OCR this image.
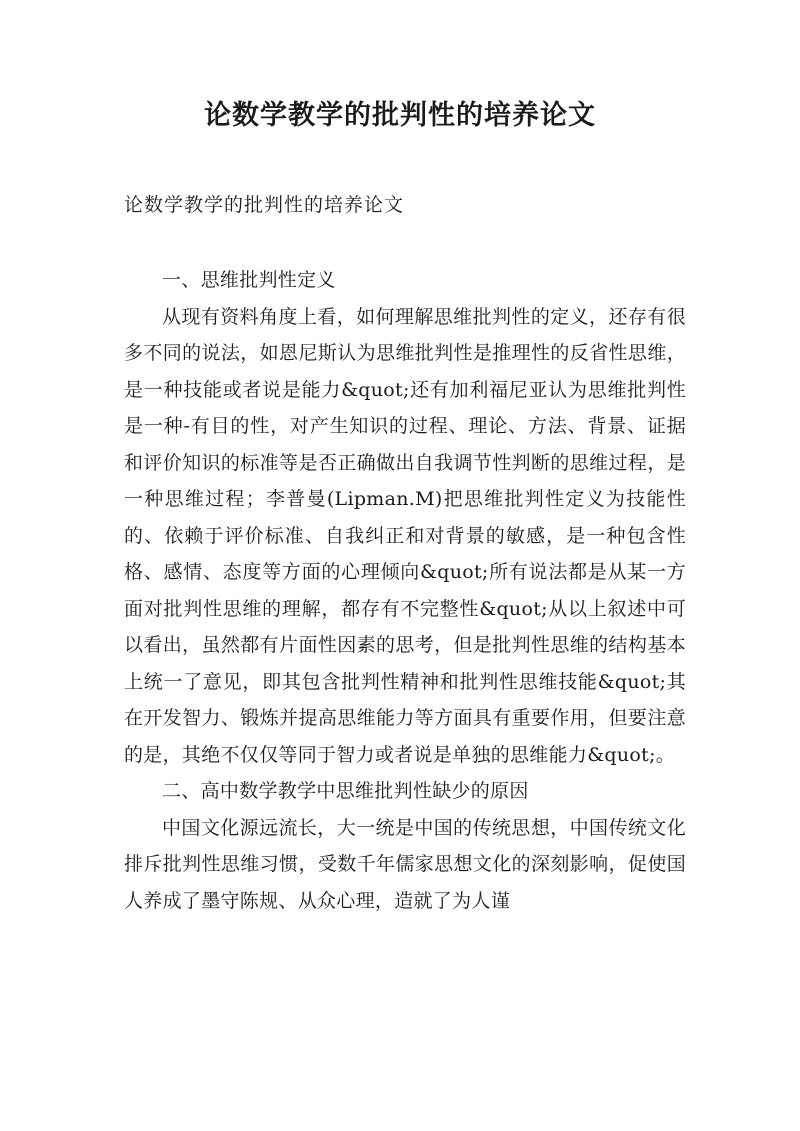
论数学教学的批判性的培养论文
论数学教学的批判性的培养论文

一、思维批判性定义

从现有资料角度上看，如何理解思维批判性的定义，还存有很多不同的说法，如恩尼斯认为思维批判性是推理性的反省性思维，是一种技能或者说是能力&quot;还有加利福尼亚认为思维批判性是一种-有目的性，对产生知识的过程、理论、方法、背景、证据和评价知识的标准等是否正确做出自我调节性判断的思维过程，是一种思维过程；李普曼(Lipman.M)把思维批判性定义为技能性的、依赖于评价标准、自我纠正和对背景的敏感，是一种包含性格、感情、态度等方面的心理倾向&quot;所有说法都是从某一方面对批判性思维的理解，都存有不完整性&quot;从以上叙述中可以看出，虽然都有片面性因素的思考，但是批判性思维的结构基本上统一了意见，即其包含批判性精神和批判性思维技能&quot;其在开发智力、锻炼并提高思维能力等方面具有重要作用，但要注意的是，其绝不仅仅等同于智力或者说是单独的思维能力&quot;。

二、高中数学教学中思维批判性缺少的原因

中国文化源远流长，大一统是中国的传统思想，中国传统文化排斥批判性思维习惯，受数千年儒家思想文化的深刻影响，促使国人养成了墨守陈规、从众心理，造就了为人谨
